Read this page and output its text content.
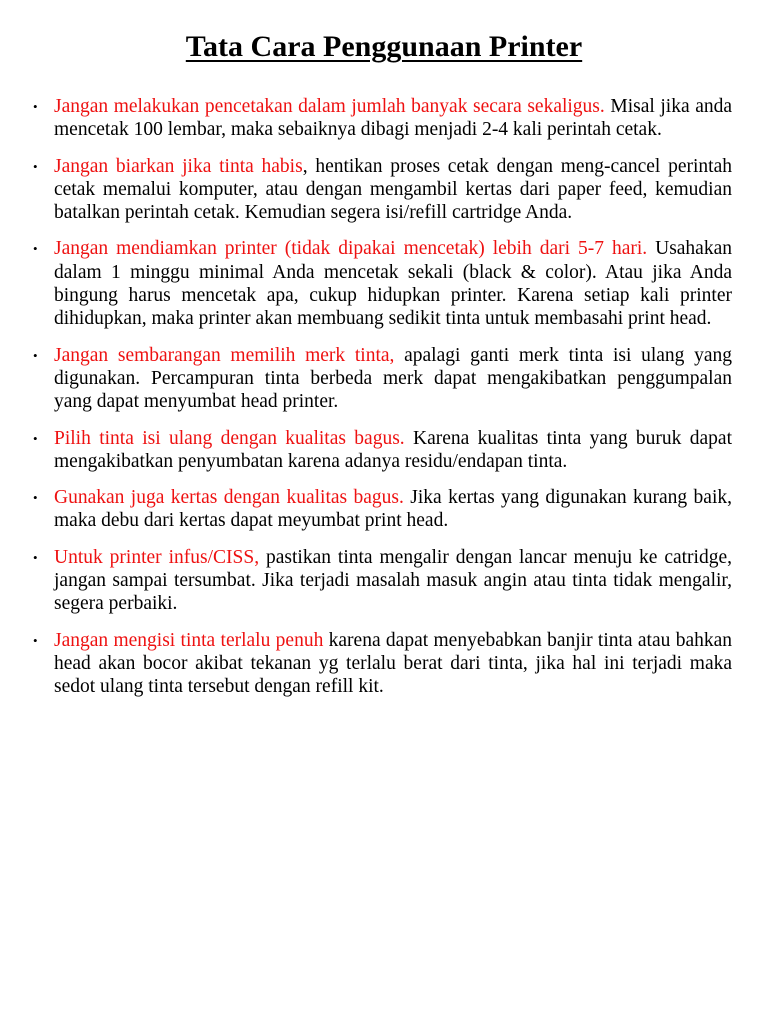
Tata Cara Penggunaan Printer
• Jangan melakukan pencetakan dalam jumlah banyak secara sekaligus. Misal jika anda mencetak 100 lembar, maka sebaiknya dibagi menjadi 2-4 kali perintah cetak.
• Jangan biarkan jika tinta habis, hentikan proses cetak dengan meng-cancel perintah cetak memalui komputer, atau dengan mengambil kertas dari paper feed, kemudian batalkan perintah cetak. Kemudian segera isi/refill cartridge Anda.
• Jangan mendiamkan printer (tidak dipakai mencetak) lebih dari 5-7 hari. Usahakan dalam 1 minggu minimal Anda mencetak sekali (black & color). Atau jika Anda bingung harus mencetak apa, cukup hidupkan printer. Karena setiap kali printer dihidupkan, maka printer akan membuang sedikit tinta untuk membasahi print head.
• Jangan sembarangan memilih merk tinta, apalagi ganti merk tinta isi ulang yang digunakan. Percampuran tinta berbeda merk dapat mengakibatkan penggumpalan yang dapat menyumbat head printer.
• Pilih tinta isi ulang dengan kualitas bagus. Karena kualitas tinta yang buruk dapat mengakibatkan penyumbatan karena adanya residu/endapan tinta.
• Gunakan juga kertas dengan kualitas bagus. Jika kertas yang digunakan kurang baik, maka debu dari kertas dapat meyumbat print head.
• Untuk printer infus/CISS, pastikan tinta mengalir dengan lancar menuju ke catridge, jangan sampai tersumbat. Jika terjadi masalah masuk angin atau tinta tidak mengalir, segera perbaiki.
• Jangan mengisi tinta terlalu penuh karena dapat menyebabkan banjir tinta atau bahkan head akan bocor akibat tekanan yg terlalu berat dari tinta, jika hal ini terjadi maka sedot ulang tinta tersebut dengan refill kit.
